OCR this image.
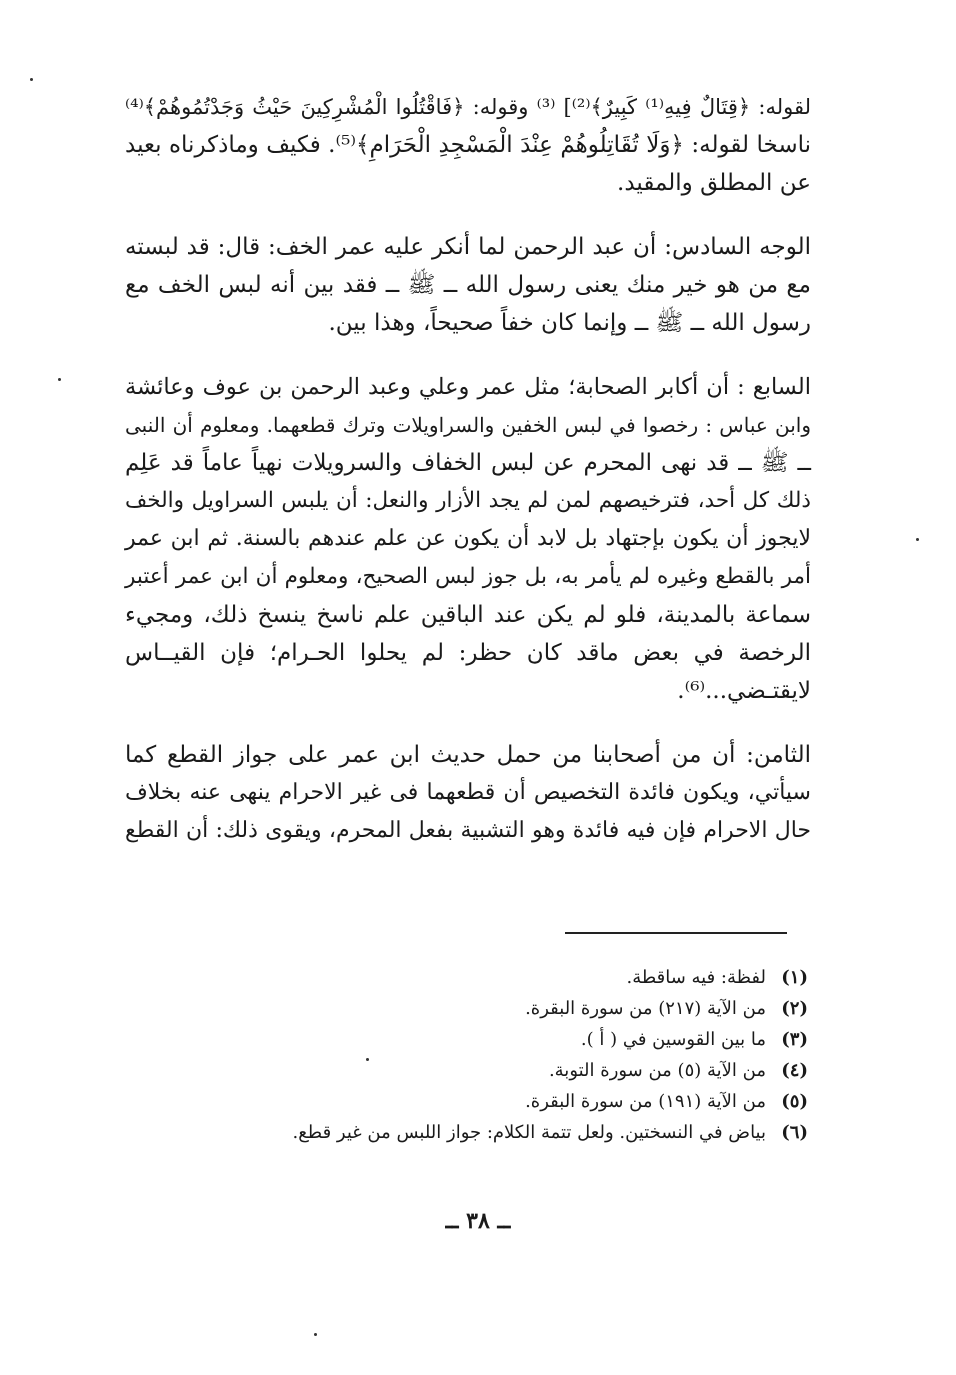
لقوله: ﴿قِتَالٌ فِيهِ⁽¹⁾ كَبِيرٌ﴾⁽²⁾] ⁽³⁾ وقوله: ﴿فَاقْتُلُوا الْمُشْرِكِينَ حَيْثُ وَجَدْتُمُوهُمْ﴾⁽⁴⁾
ناسخا لقوله: ﴿وَلَا تُقَاتِلُوهُمْ عِنْدَ الْمَسْجِدِ الْحَرَامِ﴾⁽⁵⁾. فكيف وماذكرناه بعيد
عن المطلق والمقيد.
الوجه السادس: أن عبد الرحمن لما أنكر عليه عمر الخف: قال: قد لبسته
مع من هو خير منك يعنى رسول الله ــ ﷺ ــ فقد بين أنه لبس الخف مع
رسول الله ــ ﷺ ــ وإنما كان خفاً صحيحاً، وهذا بين.
السابع : أن أكابر الصحابة؛ مثل عمر وعلي وعبد الرحمن بن عوف وعائشة
وابن عباس : رخصوا في لبس الخفين والسراويلات وترك قطعهما. ومعلوم أن النبى
ــ ﷺ ــ قد نهى المحرم عن لبس الخفاف والسرويلات نهياً عاماً قد عَلِم
ذلك كل أحد، فترخيصهم لمن لم يجد الأزار والنعل: أن يلبس السراويل والخف
لايجوز أن يكون بإجتهاد بل لابد أن يكون عن علم عندهم بالسنة. ثم ابن عمر
أمر بالقطع وغيره لم يأمر به، بل جوز لبس الصحيح، ومعلوم أن ابن عمر أعتبر
سماعة بالمدينة، فلو لم يكن عند الباقين علم ناسخ ينسخ ذلك، ومجيء
الرخصة في بعض ماقد كان حظر: لم يحلوا الحـرام؛ فإن القيــاس
لايقتـضي...⁽⁶⁾.
الثامن: أن من أصحابنا من حمل حديث ابن عمر على جواز القطع كما
سيأتي، ويكون فائدة التخصيص أن قطعهما فى غير الاحرام ينهى عنه بخلاف
حال الاحرام فإن فيه فائدة وهو التشبية بفعل المحرم، ويقوى ذلك: أن القطع
(١)
لفظة: فيه ساقطة.
(٢)
من الآية (٢١٧) من سورة البقرة.
(٣)
ما بين القوسين في ( أ ).
(٤)
من الآية (٥) من سورة التوبة.
(٥)
من الآية (١٩١) من سورة البقرة.
(٦)
بياض في النسختين. ولعل تتمة الكلام: جواز اللبس من غير قطع.
ــ ٣٨ ــ
